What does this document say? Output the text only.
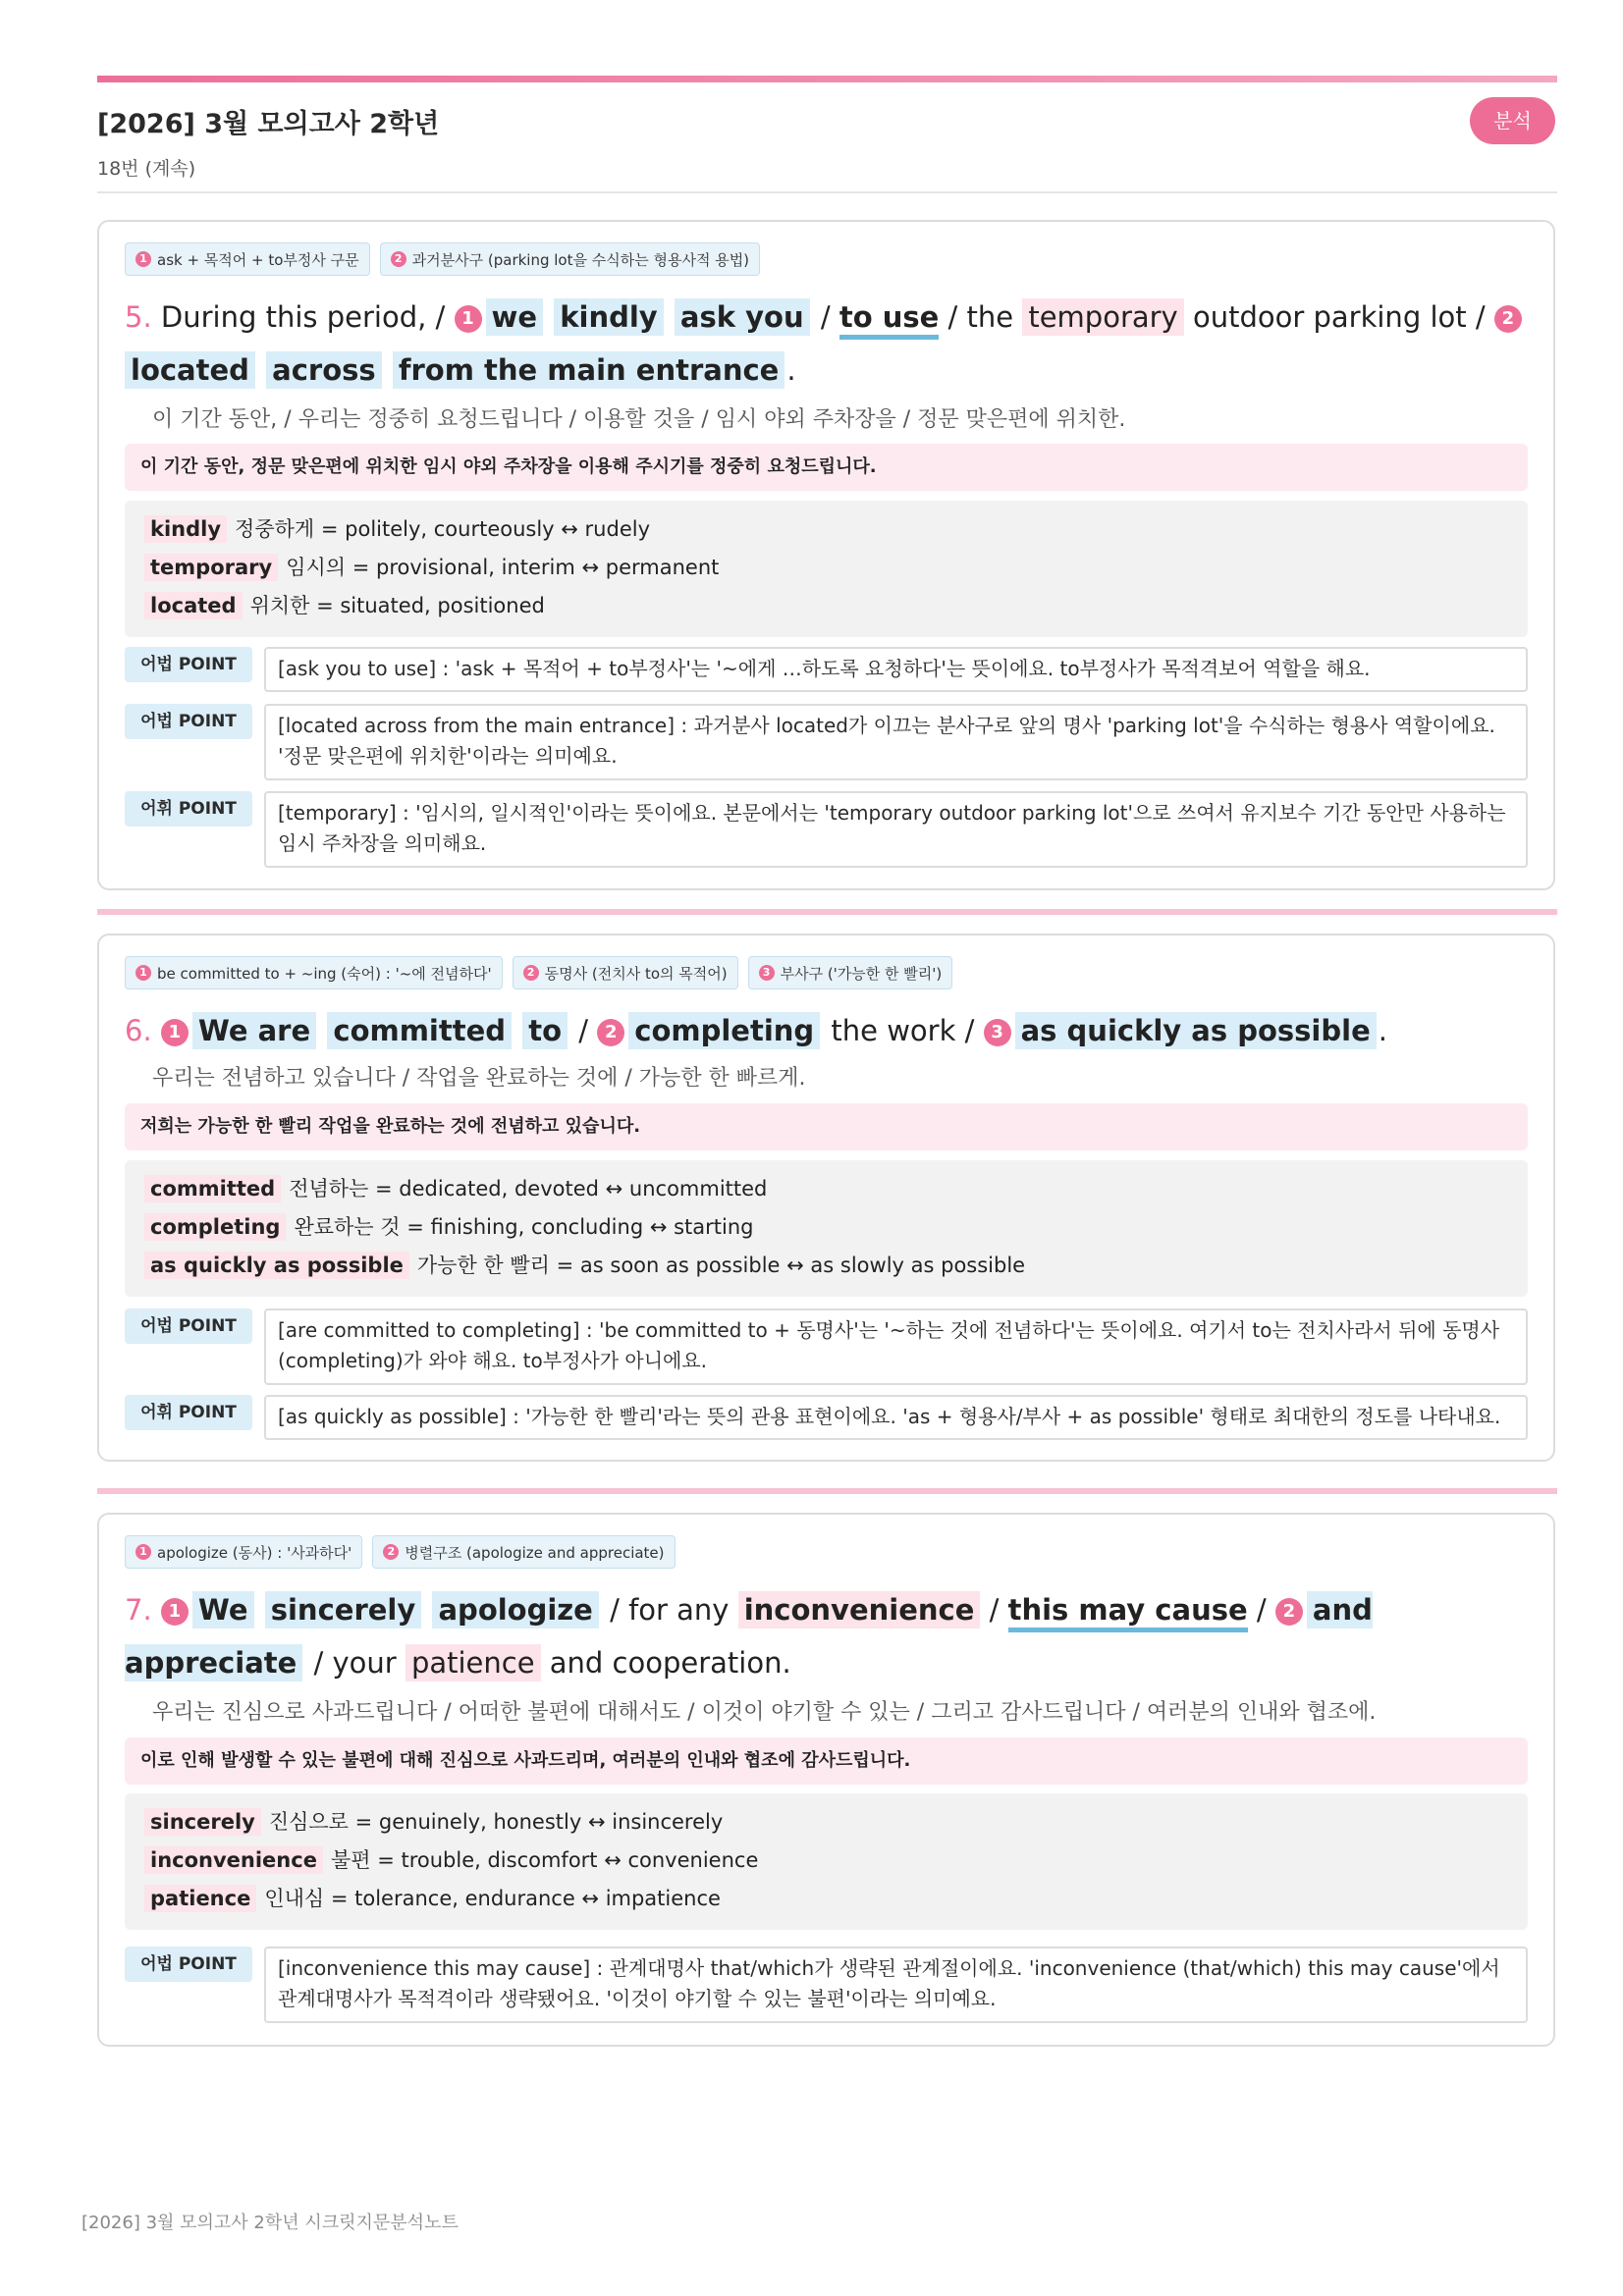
[2026] 3월 모의고사 2학년
18번 (계속)
분석
1 ask + 목적어 + to부정사 구문	2 과거분사구 (parking lot을 수식하는 형용사적 용법)
5. During this period, / 1 we kindly ask you / to use / the temporary outdoor parking lot / 2located across from the main entrance .
이 기간 동안, / 우리는 정중히 요청드립니다 / 이용할 것을 / 임시 야외 주차장을 / 정문 맞은편에 위치한.
이 기간 동안, 정문 맞은편에 위치한 임시 야외 주차장을 이용해 주시기를 정중히 요청드립니다.
kindly 정중하게 = politely, courteously ↔ rudely
temporary 임시의 = provisional, interim ↔ permanent
located 위치한 = situated, positioned
어법 POINT	[ask you to use] : 'ask + 목적어 + to부정사'는 '~에게 …하도록 요청하다'는 뜻이에요. to부정사가 목적격보어 역할을 해요.
어법 POINT	[located across from the main entrance] : 과거분사 located가 이끄는 분사구로 앞의 명사 'parking lot'을 수식하는 형용사 역할이에요. '정문 맞은편에 위치한'이라는 의미예요.
어휘 POINT	[temporary] : '임시의, 일시적인'이라는 뜻이에요. 본문에서는 'temporary outdoor parking lot'으로 쓰여서 유지보수 기간 동안만 사용하는 임시 주차장을 의미해요.
1 be committed to + ~ing (숙어) : '~에 전념하다'	2 동명사 (전치사 to의 목적어)	3 부사구 ('가능한 한 빨리')
6. 1 We are committed to / 2 completing the work / 3 as quickly as possible .
우리는 전념하고 있습니다 / 작업을 완료하는 것에 / 가능한 한 빠르게.
저희는 가능한 한 빨리 작업을 완료하는 것에 전념하고 있습니다.
committed 전념하는 = dedicated, devoted ↔ uncommitted
completing 완료하는 것 = finishing, concluding ↔ starting
as quickly as possible 가능한 한 빨리 = as soon as possible ↔ as slowly as possible
어법 POINT	[are committed to completing] : 'be committed to + 동명사'는 '~하는 것에 전념하다'는 뜻이에요. 여기서 to는 전치사라서 뒤에 동명사(completing)가 와야 해요. to부정사가 아니에요.
어휘 POINT	[as quickly as possible] : '가능한 한 빨리'라는 뜻의 관용 표현이에요. 'as + 형용사/부사 + as possible' 형태로 최대한의 정도를 나타내요.
1 apologize (동사) : '사과하다'	2 병렬구조 (apologize and appreciate)
7. 1 We sincerely apologize / for any inconvenience / this may cause / 2 and appreciate / your patience and cooperation.
우리는 진심으로 사과드립니다 / 어떠한 불편에 대해서도 / 이것이 야기할 수 있는 / 그리고 감사드립니다 / 여러분의 인내와 협조에.
이로 인해 발생할 수 있는 불편에 대해 진심으로 사과드리며, 여러분의 인내와 협조에 감사드립니다.
sincerely 진심으로 = genuinely, honestly ↔ insincerely
inconvenience 불편 = trouble, discomfort ↔ convenience
patience 인내심 = tolerance, endurance ↔ impatience
어법 POINT	[inconvenience this may cause] : 관계대명사 that/which가 생략된 관계절이에요. 'inconvenience (that/which) this may cause'에서 관계대명사가 목적격이라 생략됐어요. '이것이 야기할 수 있는 불편'이라는 의미예요.
[2026] 3월 모의고사 2학년 시크릿지문분석노트
